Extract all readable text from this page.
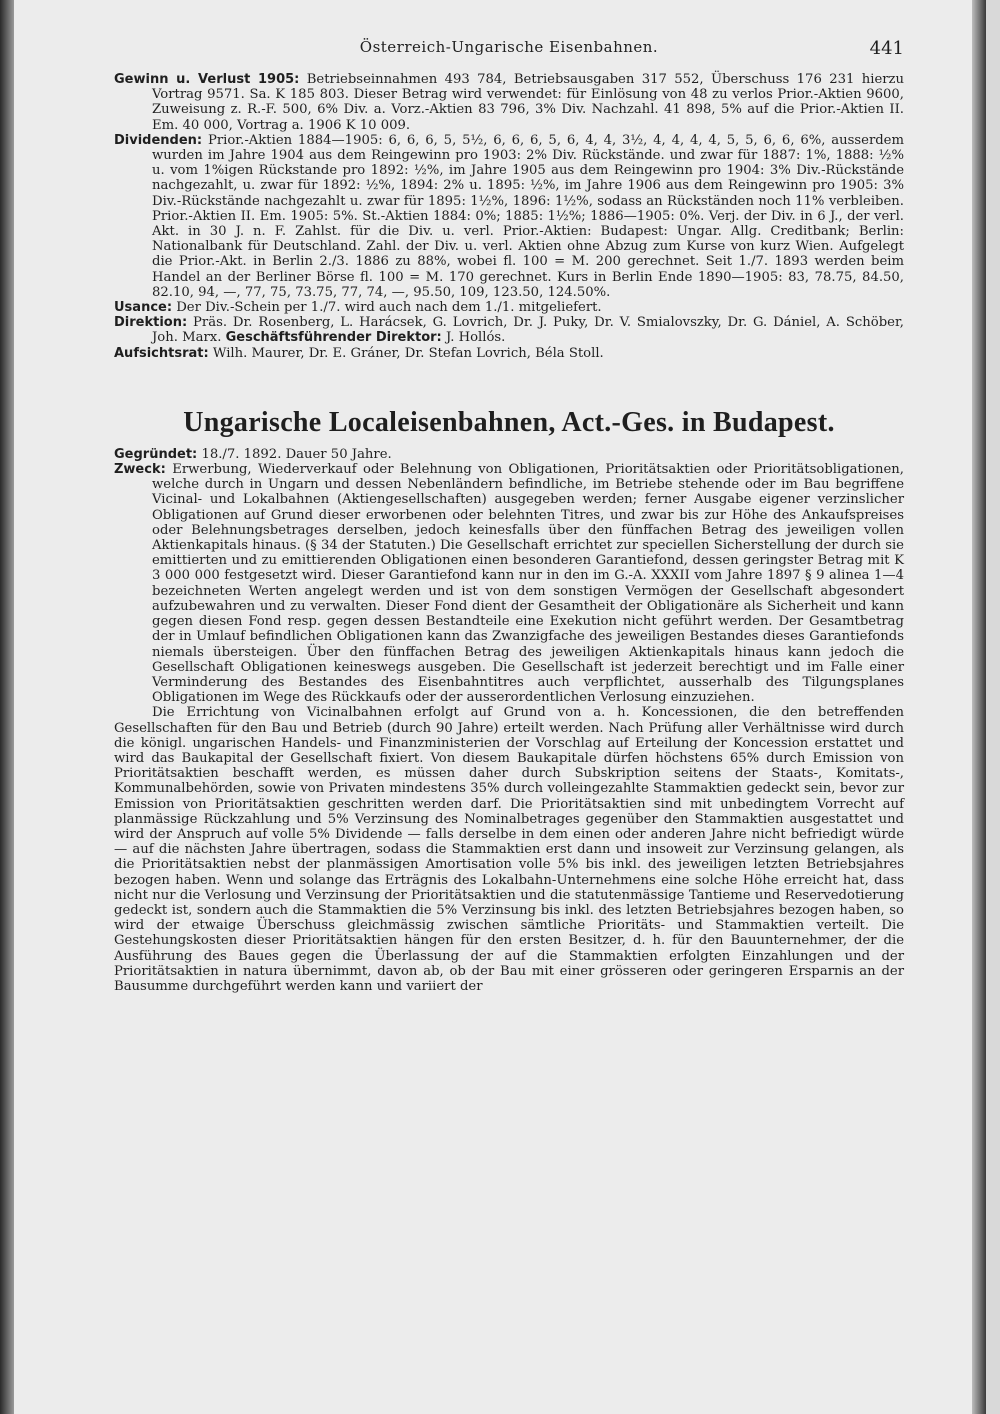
Österreich-Ungarische Eisenbahnen.	441

Gewinn u. Verlust 1905: Betriebseinnahmen 493 784, Betriebsausgaben 317 552, Überschuss 176 231 hierzu Vortrag 9571. Sa. K 185 803. Dieser Betrag wird verwendet: für Einlösung von 48 zu verlos Prior.-Aktien 9600, Zuweisung z. R.-F. 500, 6% Div. a. Vorz.-Aktien 83 796, 3% Div. Nachzahl. 41 898, 5% auf die Prior.-Aktien II. Em. 40 000, Vortrag a. 1906 K 10 009.

Dividenden: Prior.-Aktien 1884—1905: 6, 6, 6, 5, 5½, 6, 6, 6, 5, 6, 4, 4, 3½, 4, 4, 4, 4, 5, 5, 6, 6, 6%, ausserdem wurden im Jahre 1904 aus dem Reingewinn pro 1903: 2% Div. Rückstände. und zwar für 1887: 1%, 1888: ½% u. vom 1%igen Rückstande pro 1892: ½%, im Jahre 1905 aus dem Reingewinn pro 1904: 3% Div.-Rückstände nachgezahlt, u. zwar für 1892: ½%, 1894: 2% u. 1895: ½%, im Jahre 1906 aus dem Reingewinn pro 1905: 3% Div.-Rückstände nachgezahlt u. zwar für 1895: 1½%, 1896: 1½%, sodass an Rückständen noch 11% verbleiben. Prior.-Aktien II. Em. 1905: 5%. St.-Aktien 1884: 0%; 1885: 1½%; 1886—1905: 0%. Verj. der Div. in 6 J., der verl. Akt. in 30 J. n. F. Zahlst. für die Div. u. verl. Prior.-Aktien: Budapest: Ungar. Allg. Creditbank; Berlin: Nationalbank für Deutschland. Zahl. der Div. u. verl. Aktien ohne Abzug zum Kurse von kurz Wien. Aufgelegt die Prior.-Akt. in Berlin 2./3. 1886 zu 88%, wobei fl. 100 = M. 200 gerechnet. Seit 1./7. 1893 werden beim Handel an der Berliner Börse fl. 100 = M. 170 gerechnet. Kurs in Berlin Ende 1890—1905: 83, 78.75, 84.50, 82.10, 94, —, 77, 75, 73.75, 77, 74, —, 95.50, 109, 123.50, 124.50%.

Usance: Der Div.-Schein per 1./7. wird auch nach dem 1./1. mitgeliefert.

Direktion: Präs. Dr. Rosenberg, L. Harácsek, G. Lovrich, Dr. J. Puky, Dr. V. Smialovszky, Dr. G. Dániel, A. Schöber, Joh. Marx. Geschäftsführender Direktor: J. Hollós.

Aufsichtsrat: Wilh. Maurer, Dr. E. Gráner, Dr. Stefan Lovrich, Béla Stoll.

Ungarische Localeisenbahnen, Act.-Ges. in Budapest.

Gegründet: 18./7. 1892. Dauer 50 Jahre.

Zweck: Erwerbung, Wiederverkauf oder Belehnung von Obligationen, Prioritätsaktien oder Prioritätsobligationen, welche durch in Ungarn und dessen Nebenländern befindliche, im Betriebe stehende oder im Bau begriffene Vicinal- und Lokalbahnen (Aktiengesellschaften) ausgegeben werden; ferner Ausgabe eigener verzinslicher Obligationen auf Grund dieser erworbenen oder belehnten Titres, und zwar bis zur Höhe des Ankaufspreises oder Belehnungsbetrages derselben, jedoch keinesfalls über den fünffachen Betrag des jeweiligen vollen Aktienkapitals hinaus. (§ 34 der Statuten.) Die Gesellschaft errichtet zur speciellen Sicherstellung der durch sie emittierten und zu emittierenden Obligationen einen besonderen Garantiefond, dessen geringster Betrag mit K 3 000 000 festgesetzt wird. Dieser Garantiefond kann nur in den im G.-A. XXXII vom Jahre 1897 § 9 alinea 1—4 bezeichneten Werten angelegt werden und ist von dem sonstigen Vermögen der Gesellschaft abgesondert aufzubewahren und zu verwalten. Dieser Fond dient der Gesamtheit der Obligationäre als Sicherheit und kann gegen diesen Fond resp. gegen dessen Bestandteile eine Exekution nicht geführt werden. Der Gesamtbetrag der in Umlauf befindlichen Obligationen kann das Zwanzigfache des jeweiligen Bestandes dieses Garantiefonds niemals übersteigen. Über den fünffachen Betrag des jeweiligen Aktienkapitals hinaus kann jedoch die Gesellschaft Obligationen keineswegs ausgeben. Die Gesellschaft ist jederzeit berechtigt und im Falle einer Verminderung des Bestandes des Eisenbahntitres auch verpflichtet, ausserhalb des Tilgungsplanes Obligationen im Wege des Rückkaufs oder der ausserordentlichen Verlosung einzuziehen.

Die Errichtung von Vicinalbahnen erfolgt auf Grund von a. h. Koncessionen, die den betreffenden Gesellschaften für den Bau und Betrieb (durch 90 Jahre) erteilt werden. Nach Prüfung aller Verhältnisse wird durch die königl. ungarischen Handels- und Finanzministerien der Vorschlag auf Erteilung der Koncession erstattet und wird das Baukapital der Gesellschaft fixiert. Von diesem Baukapitale dürfen höchstens 65% durch Emission von Prioritätsaktien beschafft werden, es müssen daher durch Subskription seitens der Staats-, Komitats-, Kommunalbehörden, sowie von Privaten mindestens 35% durch volleingezahlte Stammaktien gedeckt sein, bevor zur Emission von Prioritätsaktien geschritten werden darf. Die Prioritätsaktien sind mit unbedingtem Vorrecht auf planmässige Rückzahlung und 5% Verzinsung des Nominalbetrages gegenüber den Stammaktien ausgestattet und wird der Anspruch auf volle 5% Dividende — falls derselbe in dem einen oder anderen Jahre nicht befriedigt würde — auf die nächsten Jahre übertragen, sodass die Stammaktien erst dann und insoweit zur Verzinsung gelangen, als die Prioritätsaktien nebst der planmässigen Amortisation volle 5% bis inkl. des jeweiligen letzten Betriebsjahres bezogen haben. Wenn und solange das Erträgnis des Lokalbahn-Unternehmens eine solche Höhe erreicht hat, dass nicht nur die Verlosung und Verzinsung der Prioritätsaktien und die statutenmässige Tantieme und Reservedotierung gedeckt ist, sondern auch die Stammaktien die 5% Verzinsung bis inkl. des letzten Betriebsjahres bezogen haben, so wird der etwaige Überschuss gleichmässig zwischen sämtliche Prioritäts- und Stammaktien verteilt. Die Gestehungskosten dieser Prioritätsaktien hängen für den ersten Besitzer, d. h. für den Bauunternehmer, der die Ausführung des Baues gegen die Überlassung der auf die Stammaktien erfolgten Einzahlungen und der Prioritätsaktien in natura übernimmt, davon ab, ob der Bau mit einer grösseren oder geringeren Ersparnis an der Bausumme durchgeführt werden kann und variiert der
